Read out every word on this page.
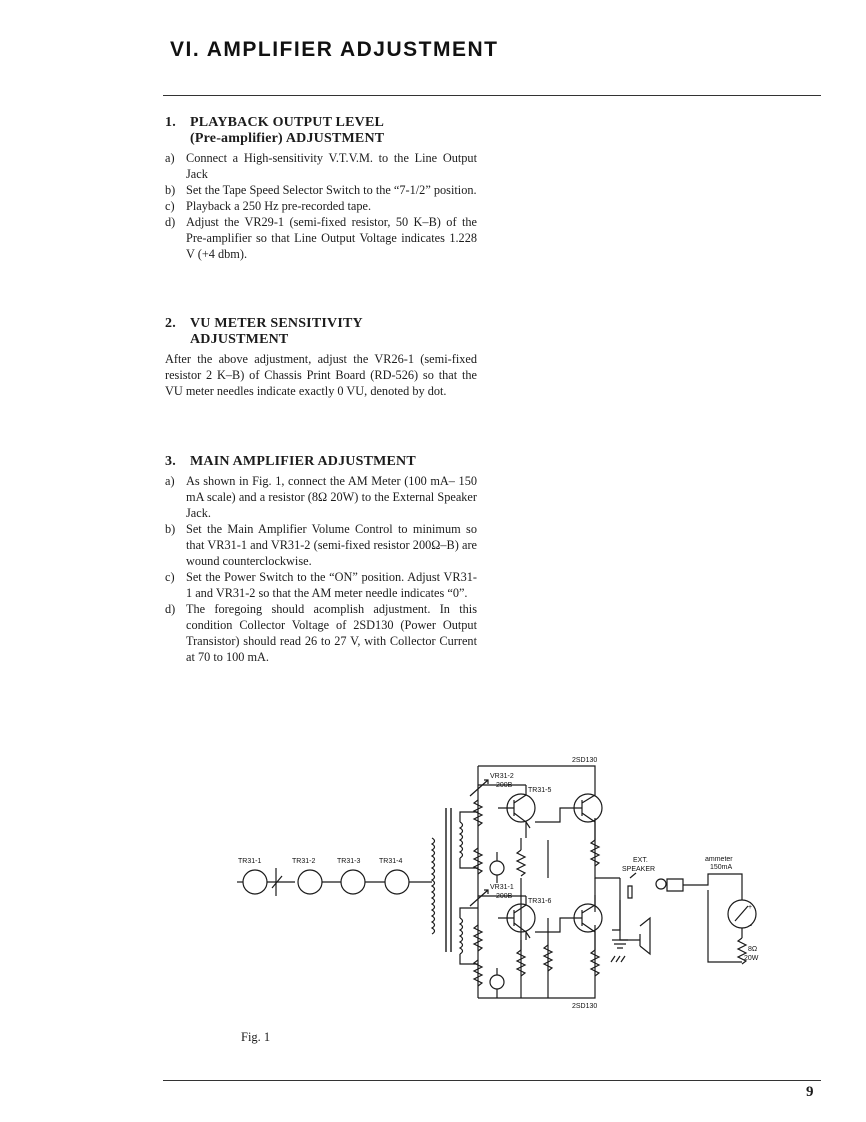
VI. AMPLIFIER ADJUSTMENT
1. PLAYBACK OUTPUT LEVEL
(Pre-amplifier) ADJUSTMENT
a) Connect a High-sensitivity V.T.V.M. to the Line Output Jack
b) Set the Tape Speed Selector Switch to the “7-1/2” position.
c) Playback a 250 Hz pre-recorded tape.
d) Adjust the VR29-1 (semi-fixed resistor, 50 K–B) of the Pre-amplifier so that Line Output Voltage indicates 1.228 V (+4 dbm).
2. VU METER SENSITIVITY
ADJUSTMENT

After the above adjustment, adjust the VR26-1 (semi-fixed resistor 2 K–B) of Chassis Print Board (RD-526) so that the VU meter needles indicate exactly 0 VU, denoted by dot.

3. MAIN AMPLIFIER ADJUSTMENT
a) As shown in Fig. 1, connect the AM Meter (100 mA– 150 mA scale) and a resistor (8Ω 20W) to the External Speaker Jack.
b) Set the Main Amplifier Volume Control to minimum so that VR31-1 and VR31-2 (semi-fixed resistor 200Ω–B) are wound counterclockwise.
c) Set the Power Switch to the “ON” position. Adjust VR31-1 and VR31-2 so that the AM meter needle indicates “0”.
d) The foregoing should acomplish adjustment. In this condition Collector Voltage of 2SD130 (Power Output Transistor) should read 26 to 27 V, with Collector Current at 70 to 100 mA.
2SD130
2SD130
VR31-2
200B
TR31-5
VR31-1
200B
TR31-6
TR31-1	TR31-2	TR31-3	TR31-4	EXT.
SPEAKER
ammeter
150mA
+
−
8Ω
20W
Fig. 1
9
